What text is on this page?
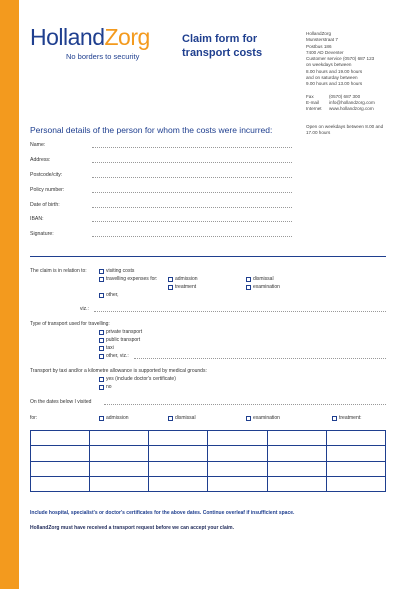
HollandZorg
No borders to security
Claim form for transport costs
HollandZorg
Munsterstraat 7
Postbus 186
7400 AD Deventer
Customer service (0570) 687 123
on weekdays between
8.00 hours and 19.00 hours
and on saturday between
9.00 hours and 13.00 hours
Fax	(0570) 687 300
E-mail	info@hollandzorg.com
Internet	www.hollandzorg.com
Open on weekdays between 8.00 and 17.00 hours
Personal details of the person for whom the costs were incurred:
Name:
Address:
Postcode/city:
Policy number:
Date of birth:
IBAN:
Signature:
The claim is in relation to:	visiting costs
travelling expenses for:	admission	dismissal
treatment	examination
other,
viz.:
Type of transport used for travelling:
private transport
public transport
taxi
other, viz.:
Transport by taxi and/or a kilometre allowance is supported by medical grounds:
yes (include doctor's certificate)
no
On the dates below I visited
for:	admission	dismissal	examination	treatment:

Include hospital, specialist's or doctor's certificates for the above dates. Continue overleaf if insufficient space.
HollandZorg must have received a transport request before we can accept your claim.
